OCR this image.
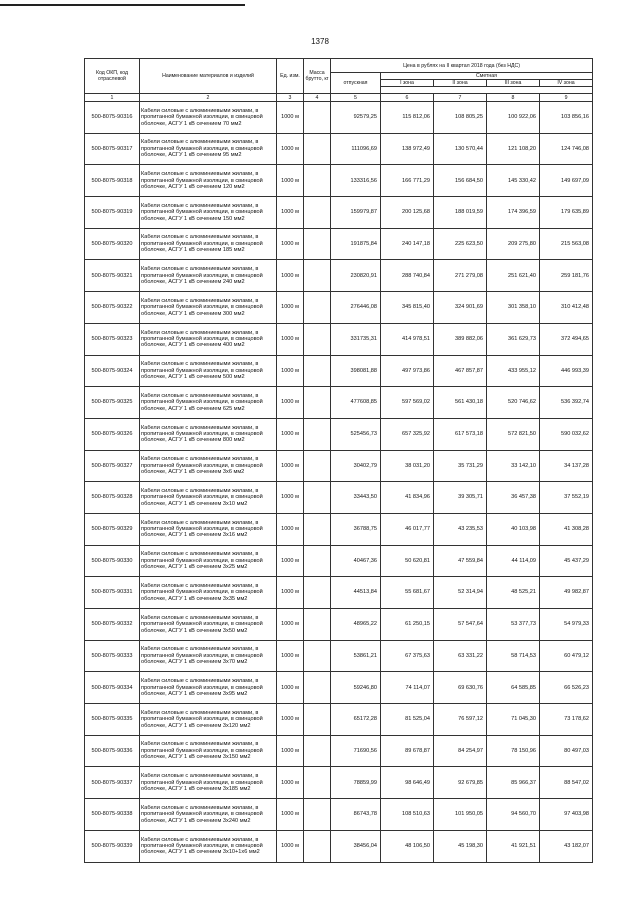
1378
Код ОКП, код отраслевой	Наименование материалов и изделий	Ед. изм.	Масса брутто, кг	Цена в рублях на II квартал 2018 года (без НДС)				
				отпускная	Сметная			
					I зона	II зона	III зона	IV зона

1	2	3	4	5	6	7	8	9
500-8075-90316	Кабели силовые с алюминиевыми жилами, в пропитанной бумажной изоляции, в свинцовой оболочке, АСГУ 1 кВ сечением 70 мм2	1000 м		92579,25	115 812,06	108 805,25	100 922,06	103 856,16
500-8075-90317	Кабели силовые с алюминиевыми жилами, в пропитанной бумажной изоляции, в свинцовой оболочке, АСГУ 1 кВ сечением 95 мм2	1000 м		111096,69	138 972,49	130 570,44	121 108,20	124 746,08
500-8075-90318	Кабели силовые с алюминиевыми жилами, в пропитанной бумажной изоляции, в свинцовой оболочке, АСГУ 1 кВ сечением 120 мм2	1000 м		133316,56	166 771,29	156 684,50	145 330,42	149 697,09
500-8075-90319	Кабели силовые с алюминиевыми жилами, в пропитанной бумажной изоляции, в свинцовой оболочке, АСГУ 1 кВ сечением 150 мм2	1000 м		159979,87	200 125,68	188 019,59	174 396,59	179 635,89
500-8075-90320	Кабели силовые с алюминиевыми жилами, в пропитанной бумажной изоляции, в свинцовой оболочке, АСГУ 1 кВ сечением 185 мм2	1000 м		191875,84	240 147,18	225 623,50	209 275,80	215 563,08
500-8075-90321	Кабели силовые с алюминиевыми жилами, в пропитанной бумажной изоляции, в свинцовой оболочке, АСГУ 1 кВ сечением 240 мм2	1000 м		230820,91	288 740,84	271 279,08	251 621,40	259 181,76
500-8075-90322	Кабели силовые с алюминиевыми жилами, в пропитанной бумажной изоляции, в свинцовой оболочке, АСГУ 1 кВ сечением 300 мм2	1000 м		276446,08	345 815,40	324 901,69	301 358,10	310 412,48
500-8075-90323	Кабели силовые с алюминиевыми жилами, в пропитанной бумажной изоляции, в свинцовой оболочке, АСГУ 1 кВ сечением 400 мм2	1000 м		331735,31	414 978,51	389 882,06	361 629,73	372 494,65
500-8075-90324	Кабели силовые с алюминиевыми жилами, в пропитанной бумажной изоляции, в свинцовой оболочке, АСГУ 1 кВ сечением 500 мм2	1000 м		398081,88	497 973,86	467 857,87	433 955,12	446 993,39
500-8075-90325	Кабели силовые с алюминиевыми жилами, в пропитанной бумажной изоляции, в свинцовой оболочке, АСГУ 1 кВ сечением 625 мм2	1000 м		477608,85	597 569,02	561 430,18	520 746,62	536 392,74
500-8075-90326	Кабели силовые с алюминиевыми жилами, в пропитанной бумажной изоляции, в свинцовой оболочке, АСГУ 1 кВ сечением 800 мм2	1000 м		525456,73	657 325,92	617 573,18	572 821,50	590 032,62
500-8075-90327	Кабели силовые с алюминиевыми жилами, в пропитанной бумажной изоляции, в свинцовой оболочке, АСГУ 1 кВ сечением 3х6 мм2	1000 м		30402,79	38 031,20	35 731,29	33 142,10	34 137,28
500-8075-90328	Кабели силовые с алюминиевыми жилами, в пропитанной бумажной изоляции, в свинцовой оболочке, АСГУ 1 кВ сечением 3х10 мм2	1000 м		33443,50	41 834,96	39 305,71	36 457,38	37 552,19
500-8075-90329	Кабели силовые с алюминиевыми жилами, в пропитанной бумажной изоляции, в свинцовой оболочке, АСГУ 1 кВ сечением 3х16 мм2	1000 м		36788,75	46 017,77	43 235,53	40 103,98	41 308,28
500-8075-90330	Кабели силовые с алюминиевыми жилами, в пропитанной бумажной изоляции, в свинцовой оболочке, АСГУ 1 кВ сечением 3х25 мм2	1000 м		40467,36	50 620,81	47 559,84	44 114,09	45 437,29
500-8075-90331	Кабели силовые с алюминиевыми жилами, в пропитанной бумажной изоляции, в свинцовой оболочке, АСГУ 1 кВ сечением 3х35 мм2	1000 м		44513,84	55 681,67	52 314,94	48 525,21	49 982,87
500-8075-90332	Кабели силовые с алюминиевыми жилами, в пропитанной бумажной изоляции, в свинцовой оболочке, АСГУ 1 кВ сечением 3х50 мм2	1000 м		48965,22	61 250,15	57 547,64	53 377,73	54 979,33
500-8075-90333	Кабели силовые с алюминиевыми жилами, в пропитанной бумажной изоляции, в свинцовой оболочке, АСГУ 1 кВ сечением 3х70 мм2	1000 м		53861,21	67 375,63	63 331,22	58 714,53	60 479,12
500-8075-90334	Кабели силовые с алюминиевыми жилами, в пропитанной бумажной изоляции, в свинцовой оболочке, АСГУ 1 кВ сечением 3х95 мм2	1000 м		59246,80	74 114,07	69 630,76	64 585,85	66 526,23
500-8075-90335	Кабели силовые с алюминиевыми жилами, в пропитанной бумажной изоляции, в свинцовой оболочке, АСГУ 1 кВ сечением 3х120 мм2	1000 м		65172,28	81 525,04	76 597,12	71 045,30	73 178,62
500-8075-90336	Кабели силовые с алюминиевыми жилами, в пропитанной бумажной изоляции, в свинцовой оболочке, АСГУ 1 кВ сечением 3х150 мм2	1000 м		71690,56	89 678,87	84 254,97	78 150,96	80 497,03
500-8075-90337	Кабели силовые с алюминиевыми жилами, в пропитанной бумажной изоляции, в свинцовой оболочке, АСГУ 1 кВ сечением 3х185 мм2	1000 м		78859,99	98 646,49	92 679,85	85 966,37	88 547,02
500-8075-90338	Кабели силовые с алюминиевыми жилами, в пропитанной бумажной изоляции, в свинцовой оболочке, АСГУ 1 кВ сечением 3х240 мм2	1000 м		86743,78	108 510,63	101 950,05	94 560,70	97 403,98
500-8075-90339	Кабели силовые с алюминиевыми жилами, в пропитанной бумажной изоляции, в свинцовой оболочке, АСГУ 1 кВ сечением 3х10+1х6 мм2	1000 м		38456,04	48 106,50	45 198,30	41 921,51	43 182,07
